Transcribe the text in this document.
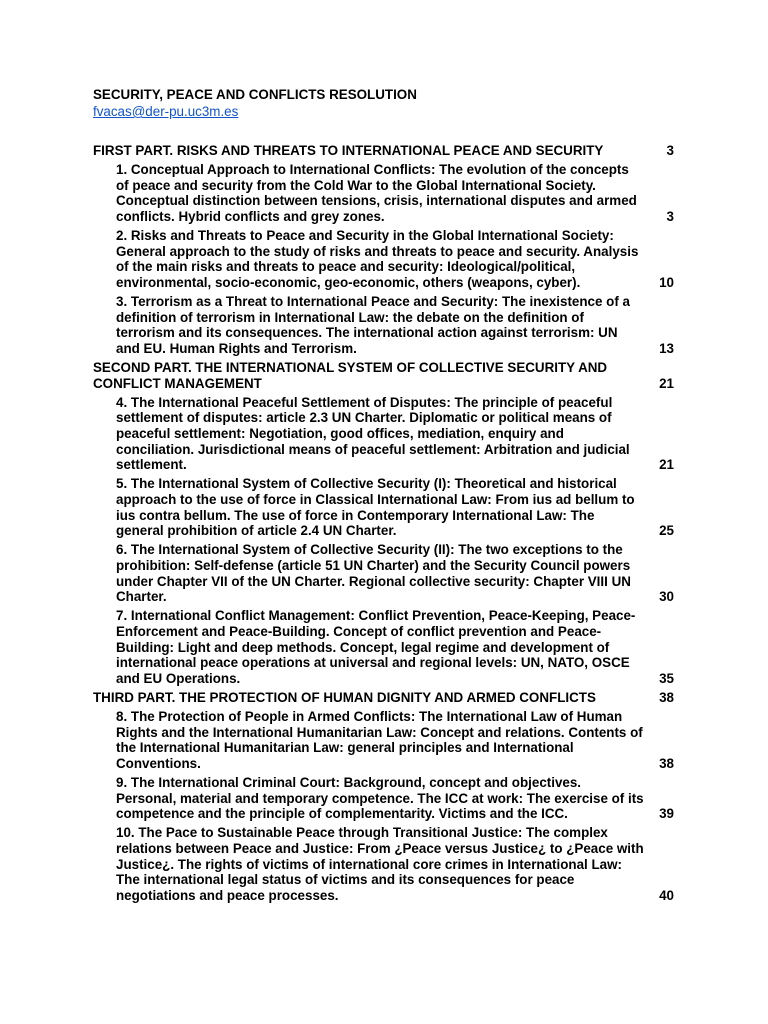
SECURITY, PEACE AND CONFLICTS RESOLUTION
fvacas@der-pu.uc3m.es
FIRST PART. RISKS AND THREATS TO INTERNATIONAL PEACE AND SECURITY	3
1. Conceptual Approach to International Conflicts: The evolution of the concepts of peace and security from the Cold War to the Global International Society. Conceptual distinction between tensions, crisis, international disputes and armed conflicts. Hybrid conflicts and grey zones.	3
2. Risks and Threats to Peace and Security in the Global International Society: General approach to the study of risks and threats to peace and security. Analysis of the main risks and threats to peace and security: Ideological/political, environmental, socio-economic, geo-economic, others (weapons, cyber).	10
3. Terrorism as a Threat to International Peace and Security: The inexistence of a definition of terrorism in International Law: the debate on the definition of terrorism and its consequences. The international action against terrorism: UN and EU. Human Rights and Terrorism.	13
SECOND PART. THE INTERNATIONAL SYSTEM OF COLLECTIVE SECURITY AND CONFLICT MANAGEMENT	21
4. The International Peaceful Settlement of Disputes: The principle of peaceful settlement of disputes: article 2.3 UN Charter. Diplomatic or political means of peaceful settlement: Negotiation, good offices, mediation, enquiry and conciliation. Jurisdictional means of peaceful settlement: Arbitration and judicial settlement.	21
5. The International System of Collective Security (I): Theoretical and historical approach to the use of force in Classical International Law: From ius ad bellum to ius contra bellum. The use of force in Contemporary International Law: The general prohibition of article 2.4 UN Charter.	25
6. The International System of Collective Security (II): The two exceptions to the prohibition: Self-defense (article 51 UN Charter) and the Security Council powers under Chapter VII of the UN Charter. Regional collective security: Chapter VIII UN Charter.	30
7. International Conflict Management: Conflict Prevention, Peace-Keeping, Peace-Enforcement and Peace-Building. Concept of conflict prevention and Peace-Building: Light and deep methods. Concept, legal regime and development of international peace operations at universal and regional levels: UN, NATO, OSCE and EU Operations.	35
THIRD PART. THE PROTECTION OF HUMAN DIGNITY AND ARMED CONFLICTS	38
8. The Protection of People in Armed Conflicts: The International Law of Human Rights and the International Humanitarian Law: Concept and relations. Contents of the International Humanitarian Law: general principles and International Conventions.	38
9. The International Criminal Court: Background, concept and objectives. Personal, material and temporary competence. The ICC at work: The exercise of its competence and the principle of complementarity. Victims and the ICC.	39
10. The Pace to Sustainable Peace through Transitional Justice: The complex relations between Peace and Justice: From ¿Peace versus Justice¿ to ¿Peace with Justice¿. The rights of victims of international core crimes in International Law: The international legal status of victims and its consequences for peace negotiations and peace processes.	40
